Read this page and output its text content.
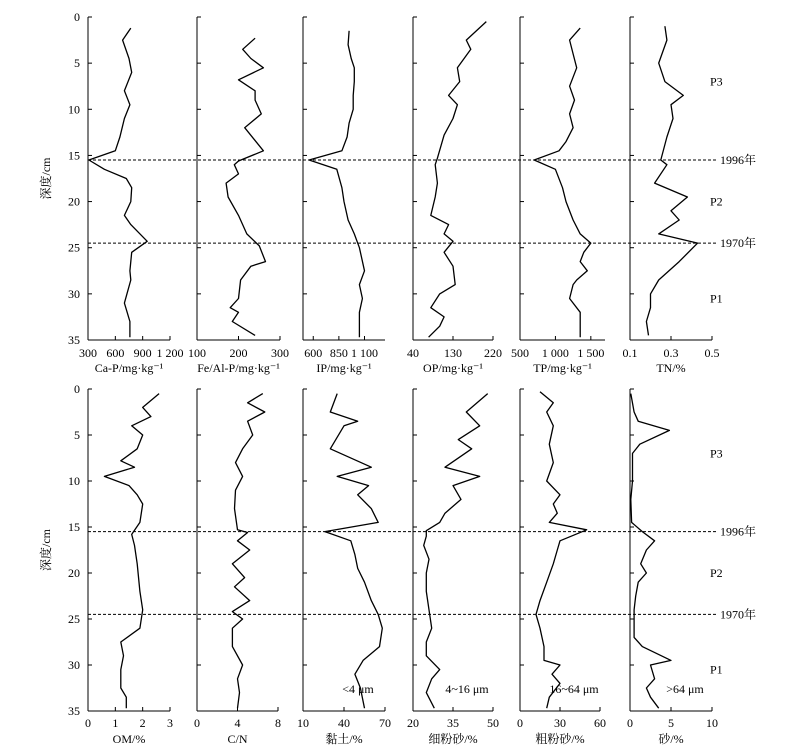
深度/cm
0
5
10
15
20
25
30
35
300 600 900 1 200
Ca-P/mg·kg⁻¹
100 200 300
Fe/Al-P/mg·kg⁻¹
600 850 1 100
IP/mg·kg⁻¹
40 130 220
OP/mg·kg⁻¹
500 1 000 1 500
TP/mg·kg⁻¹
0.1 0.3 0.5
TN/%
1996年
1970年
P3
P2
P1
深度/cm
0
5
10
15
20
25
30
35
0 1 2 3
OM/%
0	4	8
C/N
10 40 70
黏土/%
20 35 50
细粉砂/%
0	30 60
粗粉砂/%
0	5	10
砂/%
1996年
1970年
P3
P2
P1
<4 μm	4~16 μm	16~64 μm	>64 μm
